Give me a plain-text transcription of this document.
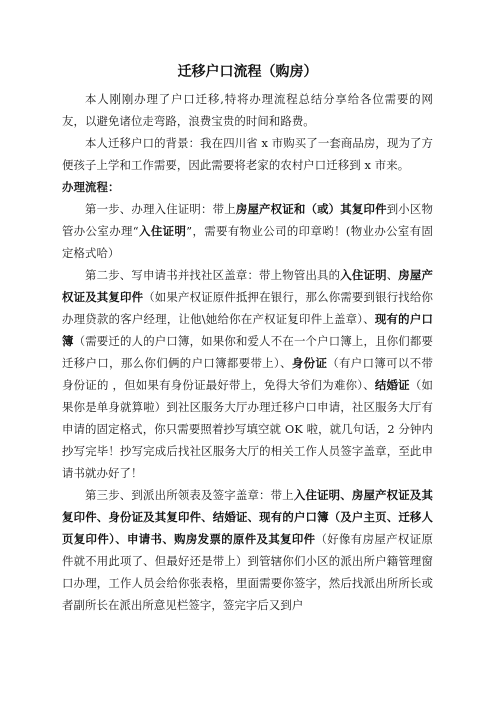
迁移户口流程（购房）

本人刚刚办理了户口迁移,特将办理流程总结分享给各位需要的网友，以避免诸位走弯路，浪费宝贵的时间和路费。

本人迁移户口的背景：我在四川省 x 市购买了一套商品房，现为了方便孩子上学和工作需要，因此需要将老家的农村户口迁移到 x 市来。

办理流程：

第一步、办理入住证明：带上房屋产权证和（或）其复印件到小区物管办公室办理“入住证明”，需要有物业公司的印章哟！(物业办公室有固定格式哈）

第二步、写申请书并找社区盖章：带上物管出具的入住证明、房屋产权证及其复印件（如果产权证原件抵押在银行，那么你需要到银行找给你办理贷款的客户经理，让他\她给你在产权证复印件上盖章）、现有的户口簿（需要迁的人的户口簿，如果你和爱人不在一个户口簿上，且你们都要迁移户口，那么你们俩的户口簿都要带上）、身份证（有户口簿可以不带身份证的 ，但如果有身份证最好带上，免得大爷们为难你）、结婚证（如果你是单身就算啦）到社区服务大厅办理迁移户口申请，社区服务大厅有申请的固定格式，你只需要照着抄写填空就 OK 啦，就几句话，2 分钟内抄写完毕！抄写完成后找社区服务大厅的相关工作人员签字盖章，至此申请书就办好了！

第三步、到派出所领表及签字盖章：带上入住证明、房屋产权证及其复印件、身份证及其复印件、结婚证、现有的户口簿（及户主页、迁移人页复印件）、申请书、购房发票的原件及其复印件（好像有房屋产权证原件就不用此项了、但最好还是带上）到管辖你们小区的派出所户籍管理窗口办理，工作人员会给你张表格，里面需要你签字，然后找派出所所长或者副所长在派出所意见栏签字，签完字后又到户
